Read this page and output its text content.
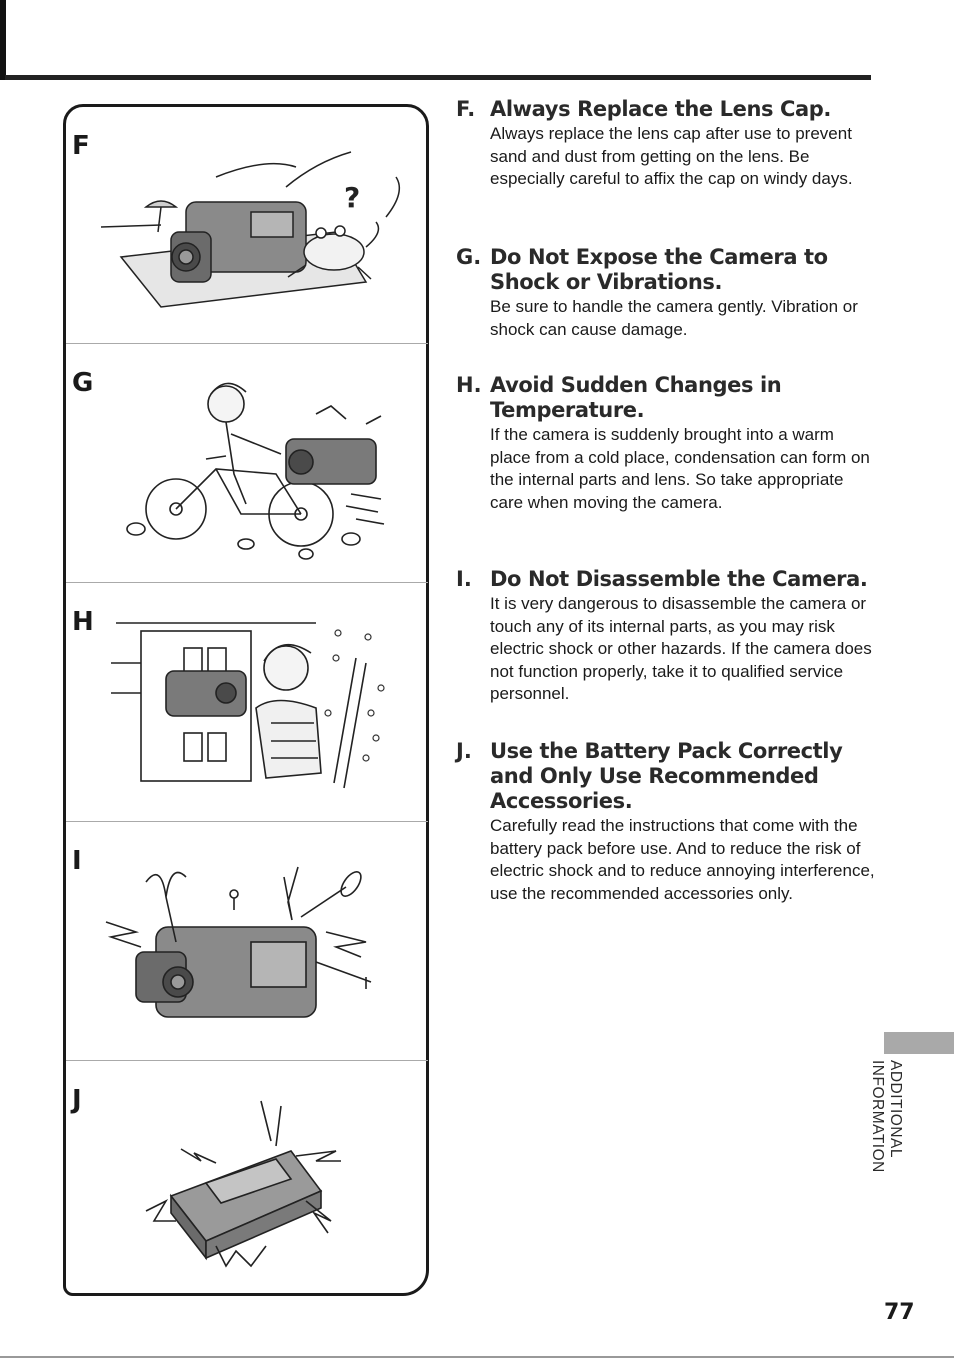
F
?
G
H
I
J
F. Always Replace the Lens Cap.
Always replace the lens cap after use to prevent sand and dust from getting on the lens. Be especially careful to affix the cap on windy days.
G. Do Not Expose the Camera to Shock or Vibrations.
Be sure to handle the camera gently. Vibration or shock can cause damage.
H. Avoid Sudden Changes in Temperature.
If the camera is suddenly brought into a warm place from a cold place, condensation can form on the internal parts and lens. So take appropriate care when moving the camera.
I. Do Not Disassemble the Camera.
It is very dangerous to disassemble the camera or touch any of its internal parts, as you may risk electric shock or other hazards. If the camera does not function properly, take it to qualified service personnel.
J. Use the Battery Pack Correctly and Only Use Recommended Accessories.
Carefully read the instructions that come with the battery pack before use. And to reduce the risk of electric shock and to reduce annoying interference, use the recommended accessories only.
ADDITIONAL INFORMATION
77
